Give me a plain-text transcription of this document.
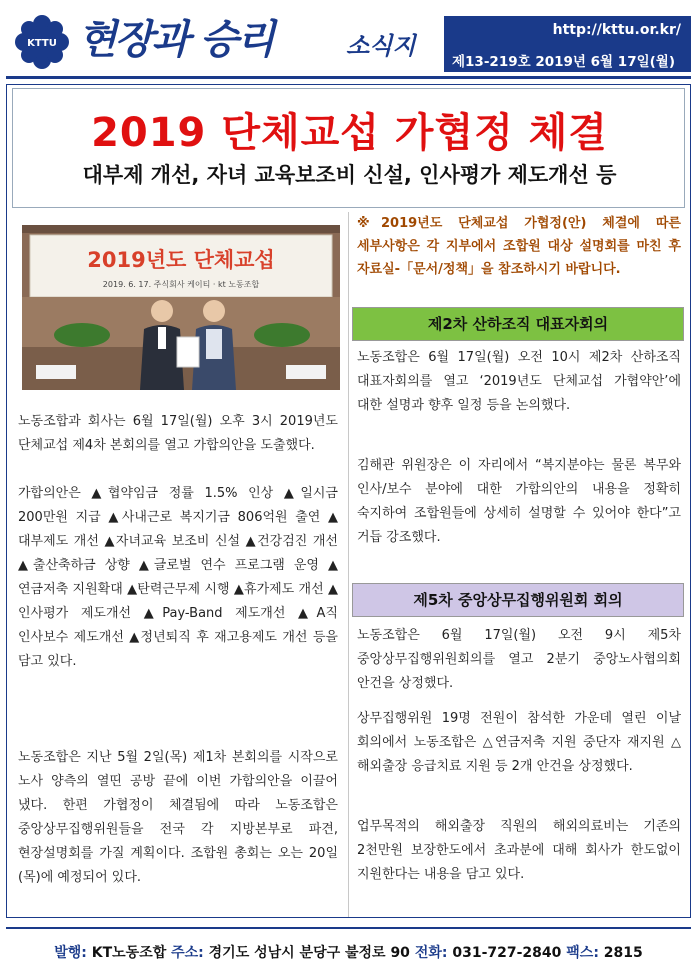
KTTU 현장과 승리	소식지
http://kttu.or.kr/
제13-219호 2019년 6월 17일(월)
2019 단체교섭 가협정 체결
대부제 개선, 자녀 교육보조비 신설, 인사평가 제도개선 등
2019년도 단체교섭
2019. 6. 17. 주식회사 케이티 · kt 노동조합
노동조합과 회사는 6월 17일(월) 오후 3시 2019년도 단체교섭 제4차 본회의를 열고 가합의안을 도출했다.
가합의안은 ▲협약임금 정률 1.5% 인상 ▲일시금 200만원 지급 ▲사내근로 복지기금 806억원 출연 ▲대부제도 개선 ▲자녀교육 보조비 신설 ▲건강검진 개선 ▲출산축하금 상향 ▲글로벌 연수 프로그램 운영 ▲연금저축 지원확대 ▲탄력근무제 시행 ▲휴가제도 개선 ▲인사평가 제도개선 ▲Pay-Band 제도개선 ▲A직 인사보수 제도개선 ▲정년퇴직 후 재고용제도 개선 등을 담고 있다.
노동조합은 지난 5월 2일(목) 제1차 본회의를 시작으로 노사 양측의 열띤 공방 끝에 이번 가합의안을 이끌어 냈다. 한편 가협정이 체결됨에 따라 노동조합은 중앙상무집행위원들을 전국 각 지방본부로 파견, 현장설명회를 가질 계획이다. 조합원 총회는 오는 20일(목)에 예정되어 있다.
※2019년도 단체교섭 가협정(안) 체결에 따른 세부사항은 각 지부에서 조합원 대상 설명회를 마친 후 자료실-「문서/정책」을 참조하시기 바랍니다.
제2차 산하조직 대표자회의
노동조합은 6월 17일(월) 오전 10시 제2차 산하조직 대표자회의를 열고 ‘2019년도 단체교섭 가협약안’에 대한 설명과 향후 일정 등을 논의했다.
김해관 위원장은 이 자리에서 “복지분야는 물론 복무와 인사/보수 분야에 대한 가합의안의 내용을 정확히 숙지하여 조합원들에 상세히 설명할 수 있어야 한다”고 거듭 강조했다.
제5차 중앙상무집행위원회 회의
노동조합은 6월 17일(월) 오전 9시 제5차 중앙상무집행위원회의를 열고 2분기 중앙노사협의회 안건을 상정했다.
상무집행위원 19명 전원이 참석한 가운데 열린 이날 회의에서 노동조합은 △연금저축 지원 중단자 재지원 △해외출장 응급치료 지원 등 2개 안건을 상정했다.
업무목적의 해외출장 직원의 해외의료비는 기존의 2천만원 보장한도에서 초과분에 대해 회사가 한도없이 지원한다는 내용을 담고 있다.
발행: KT노동조합 주소: 경기도 성남시 분당구 불정로 90 전화: 031-727-2840 팩스: 2815
